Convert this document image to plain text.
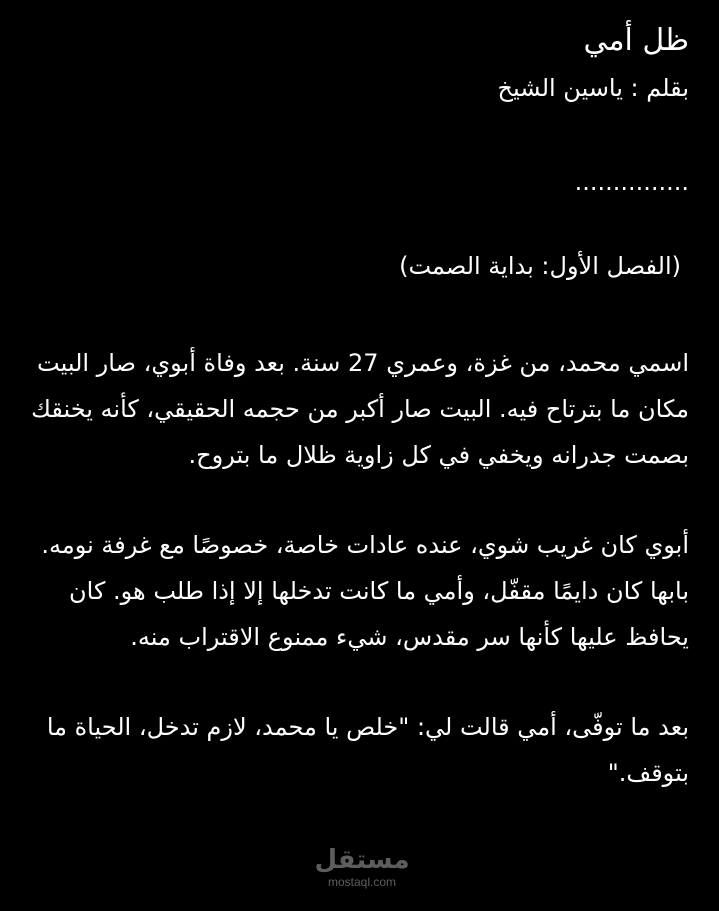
ظل أمي

بقلم : ياسين الشيخ

...............

(الفصل الأول: بداية الصمت)

اسمي محمد، من غزة، وعمري 27 سنة. بعد وفاة أبوي، صار البيت مكان ما بترتاح فيه. البيت صار أكبر من حجمه الحقيقي، كأنه يخنقك بصمت جدرانه ويخفي في كل زاوية ظلال ما بتروح.

أبوي كان غريب شوي، عنده عادات خاصة، خصوصًا مع غرفة نومه. بابها كان دايمًا مقفّل، وأمي ما كانت تدخلها إلا إذا طلب هو. كان يحافظ عليها كأنها سر مقدس، شيء ممنوع الاقتراب منه.

بعد ما توفّى، أمي قالت لي: "خلص يا محمد، لازم تدخل، الحياة ما بتوقف."

مستقل
mostaql.com
